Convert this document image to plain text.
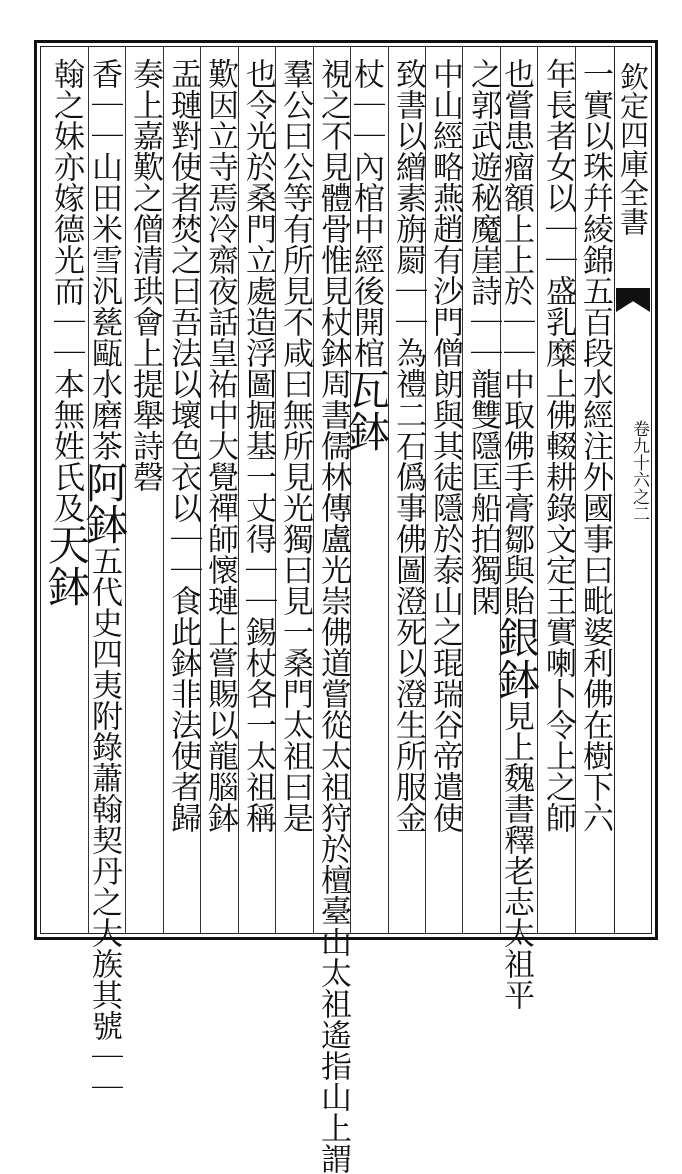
欽定四庫全書
卷九十六之二
一實以珠幷綾錦五百段水經注外國事曰毗婆利佛在樹下六
年長者女以｜｜盛乳糜上佛輟耕錄文定王實喇卜令上之師
也嘗患瘤額上上於｜｜中取佛手膏鄒與貽銀鉢見上魏書釋老志太祖平
之郭武遊秘魔崖詩｜｜龍雙隱匡船拍獨閑
中山經略燕趙有沙門僧朗與其徒隱於泰山之琨瑞谷帝遣使
致書以繒素旃罽｜｜為禮二石僞事佛圖澄死以澄生所服金
杖｜｜內棺中經後開棺瓦鉢
視之不見體骨惟見杖鉢周書儒林傳盧光崇佛道嘗從太祖狩於檀臺山太祖遙指山上謂
羣公曰公等有所見不咸曰無所見光獨曰見一桑門太祖曰是
也令光於桑門立處造浮圖掘基一丈得｜｜錫杖各一太祖稱
歎因立寺焉冷齋夜話皇祐中大覺禪師懷璉上嘗賜以龍腦鉢
盂璉對使者焚之曰吾法以壞色衣以｜｜食此鉢非法使者歸
奏上嘉歎之僧清珙會上提舉詩磬
香｜｜山田米雪汎甆甌水磨茶阿鉢五代史四夷附錄蕭翰契丹之大族其號｜｜
翰之妹亦嫁德光而｜｜本無姓氏及天鉢
